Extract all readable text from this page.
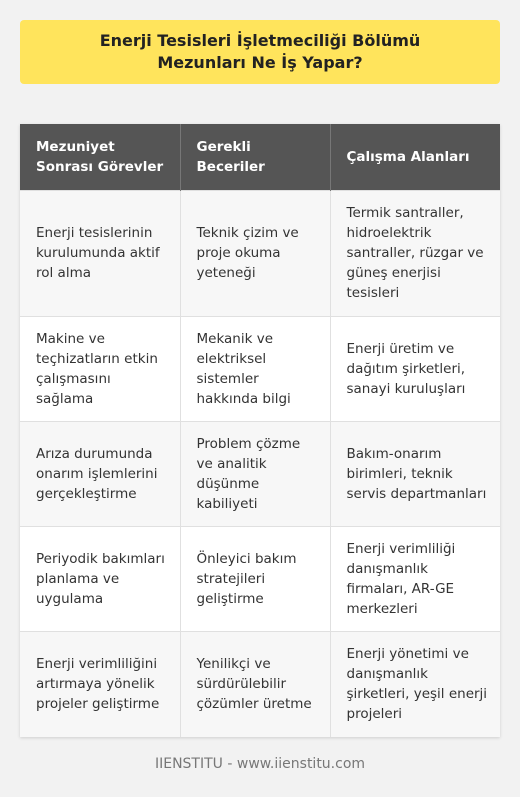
Enerji Tesisleri İşletmeciliği Bölümü Mezunları Ne İş Yapar?
Mezuniyet Sonrası Görevler	Gerekli Beceriler	Çalışma Alanları
Enerji tesislerinin kurulumunda aktif rol alma	Teknik çizim ve proje okuma yeteneği	Termik santraller, hidroelektrik santraller, rüzgar ve güneş enerjisi tesisleri
Makine ve teçhizatların etkin çalışmasını sağlama	Mekanik ve elektriksel sistemler hakkında bilgi	Enerji üretim ve dağıtım şirketleri, sanayi kuruluşları
Arıza durumunda onarım işlemlerini gerçekleştirme	Problem çözme ve analitik düşünme kabiliyeti	Bakım-onarım birimleri, teknik servis departmanları
Periyodik bakımları planlama ve uygulama	Önleyici bakım stratejileri geliştirme	Enerji verimliliği danışmanlık firmaları, AR-GE merkezleri
Enerji verimliliğini artırmaya yönelik projeler geliştirme	Yenilikçi ve sürdürülebilir çözümler üretme	Enerji yönetimi ve danışmanlık şirketleri, yeşil enerji projeleri
IIENSTITU - www.iienstitu.com
